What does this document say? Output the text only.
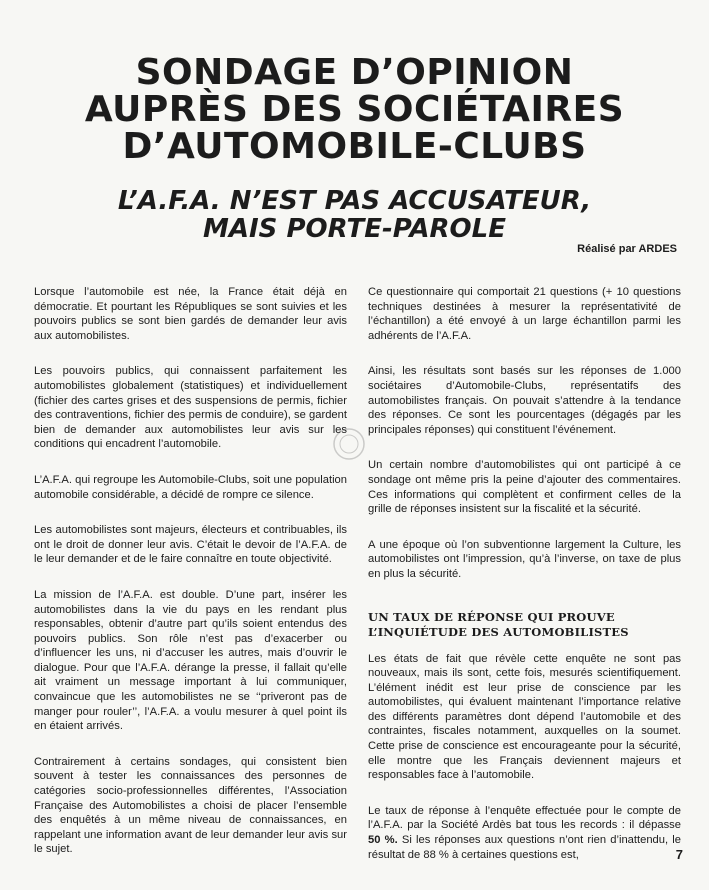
SONDAGE D’OPINION
AUPRÈS DES SOCIÉTAIRES
D’AUTOMOBILE-CLUBS
L’A.F.A. N’EST PAS ACCUSATEUR,
MAIS PORTE-PAROLE
Réalisé par ARDES

Lorsque l’automobile est née, la France était déjà en démocratie. Et pourtant les Républiques se sont suivies et les pouvoirs publics se sont bien gardés de demander leur avis aux automobilistes.

Les pouvoirs publics, qui connaissent parfaitement les automobilistes globalement (statistiques) et individuellement (fichier des cartes grises et des suspensions de permis, fichier des contraventions, fichier des permis de conduire), se gardent bien de demander aux automobilistes leur avis sur les conditions qui encadrent l’automobile.

L’A.F.A. qui regroupe les Automobile-Clubs, soit une population automobile considérable, a décidé de rompre ce silence.

Les automobilistes sont majeurs, électeurs et contribuables, ils ont le droit de donner leur avis. C’était le devoir de l’A.F.A. de le leur demander et de le faire connaître en toute objectivité.

La mission de l’A.F.A. est double. D’une part, insérer les automobilistes dans la vie du pays en les rendant plus responsables, obtenir d’autre part qu’ils soient entendus des pouvoirs publics. Son rôle n’est pas d’exacerber ou d’influencer les uns, ni d’accuser les autres, mais d’ouvrir le dialogue. Pour que l’A.F.A. dérange la presse, il fallait qu’elle ait vraiment un message important à lui communiquer, convaincue que les automobilistes ne se ‘‘priveront pas de manger pour rouler’’, l’A.F.A. a voulu mesurer à quel point ils en étaient arrivés.

Contrairement à certains sondages, qui consistent bien souvent à tester les connaissances des personnes de catégories socio-professionnelles différentes, l’Association Française des Automobilistes a choisi de placer l’ensemble des enquêtés à un même niveau de connaissances, en rappelant une information avant de leur demander leur avis sur le sujet.

Ce questionnaire qui comportait 21 questions (+ 10 questions techniques destinées à mesurer la représentativité de l’échantillon) a été envoyé à un large échantillon parmi les adhérents de l’A.F.A.

Ainsi, les résultats sont basés sur les réponses de 1.000 sociétaires d’Automobile-Clubs, représentatifs des automobilistes français. On pouvait s’attendre à la tendance des réponses. Ce sont les pourcentages (dégagés par les principales réponses) qui constituent l’événement.

Un certain nombre d’automobilistes qui ont participé à ce sondage ont même pris la peine d’ajouter des commentaires. Ces informations qui complètent et confirment celles de la grille de réponses insistent sur la fiscalité et la sécurité.

A une époque où l’on subventionne largement la Culture, les automobilistes ont l’impression, qu’à l’inverse, on taxe de plus en plus la sécurité.

UN TAUX DE RÉPONSE QUI PROUVE L’INQUIÉTUDE DES AUTOMOBILISTES

Les états de fait que révèle cette enquête ne sont pas nouveaux, mais ils sont, cette fois, mesurés scientifiquement. L’élément inédit est leur prise de conscience par les automobilistes, qui évaluent maintenant l’importance relative des différents paramètres dont dépend l’automobile et des contraintes, fiscales notamment, auxquelles on la soumet. Cette prise de conscience est encourageante pour la sécurité, elle montre que les Français deviennent majeurs et responsables face à l’automobile.

Le taux de réponse à l’enquête effectuée pour le compte de l’A.F.A. par la Société Ardès bat tous les records : il dépasse 50 %. Si les réponses aux questions n’ont rien d’inattendu, le résultat de 88 % à certaines questions est,	7
